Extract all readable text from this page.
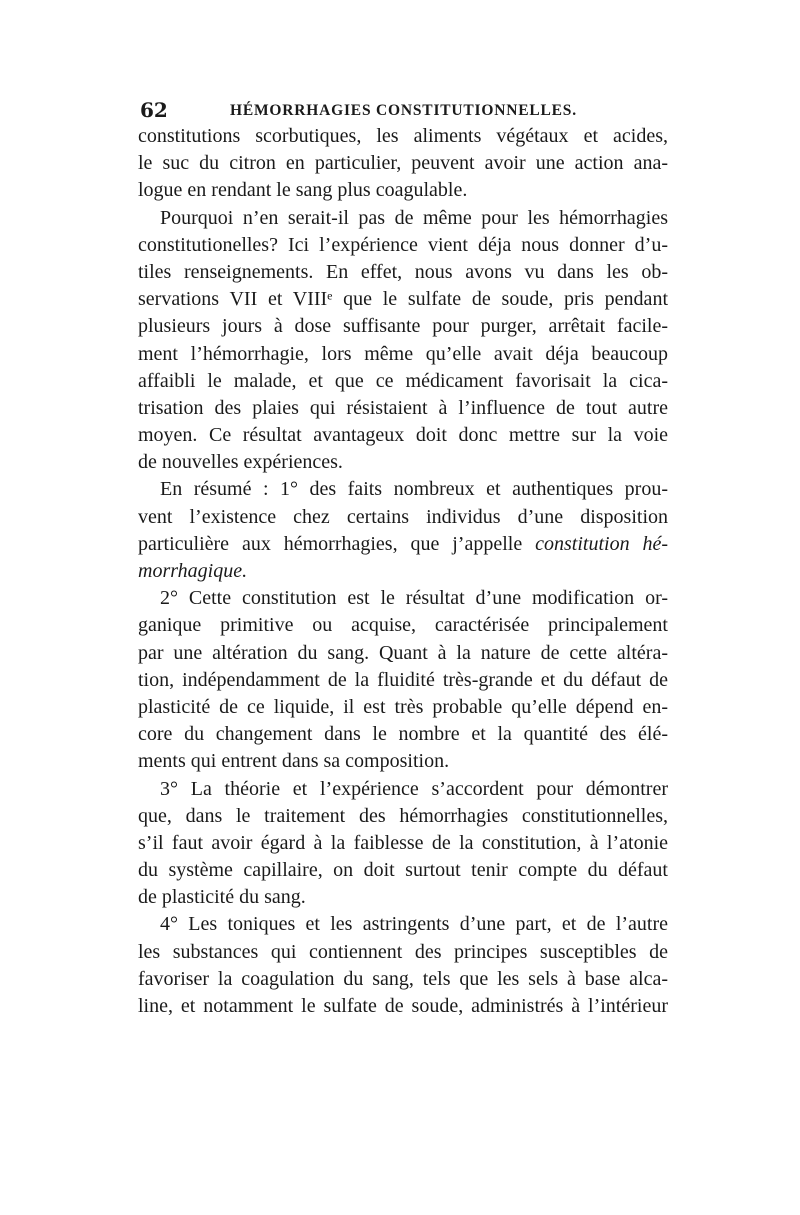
62	HÉMORRHAGIES CONSTITUTIONNELLES.
constitutions scorbutiques, les aliments végétaux et acides,
le suc du citron en particulier, peuvent avoir une action ana-
logue en rendant le sang plus coagulable.
Pourquoi n’en serait-il pas de même pour les hémorrhagies
constitutionelles? Ici l’expérience vient déja nous donner d’u-
tiles renseignements. En effet, nous avons vu dans les ob-
servations VII et VIIIᵉ que le sulfate de soude, pris pendant
plusieurs jours à dose suffisante pour purger, arrêtait facile-
ment l’hémorrhagie, lors même qu’elle avait déja beaucoup
affaibli le malade, et que ce médicament favorisait la cica-
trisation des plaies qui résistaient à l’influence de tout autre
moyen. Ce résultat avantageux doit donc mettre sur la voie
de nouvelles expériences.
En résumé : 1° des faits nombreux et authentiques prou-
vent l’existence chez certains individus d’une disposition
particulière aux hémorrhagies, que j’appelle constitution hé-
morrhagique.
2° Cette constitution est le résultat d’une modification or-
ganique primitive ou acquise, caractérisée principalement
par une altération du sang. Quant à la nature de cette altéra-
tion, indépendamment de la fluidité très-grande et du défaut de
plasticité de ce liquide, il est très probable qu’elle dépend en-
core du changement dans le nombre et la quantité des élé-
ments qui entrent dans sa composition.
3° La théorie et l’expérience s’accordent pour démontrer
que, dans le traitement des hémorrhagies constitutionnelles,
s’il faut avoir égard à la faiblesse de la constitution, à l’atonie
du système capillaire, on doit surtout tenir compte du défaut
de plasticité du sang.
4° Les toniques et les astringents d’une part, et de l’autre
les substances qui contiennent des principes susceptibles de
favoriser la coagulation du sang, tels que les sels à base alca-
line, et notamment le sulfate de soude, administrés à l’intérieur
